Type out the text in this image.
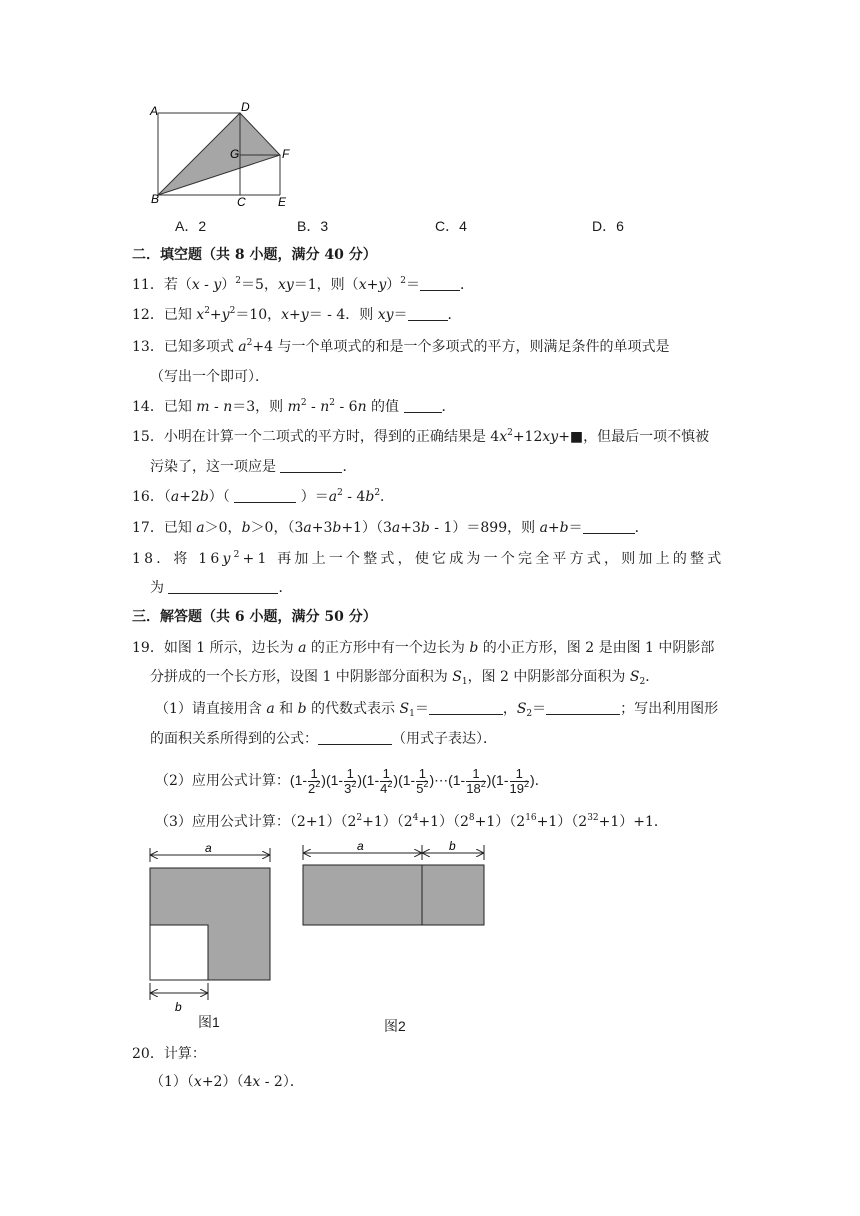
A	D
G	F
B	C	E
A．2	B．3	C．4	D．6
二．填空题（共 8 小题，满分 40 分）
11．若（x - y）$^2$＝5，xy＝1，则$(x+y)^2=$	．
12．已知 $x^2+y^2=10$，x+y＝ - 4．则 xy＝	．
13．已知多项式 $a^2+4$ 与一个单项式的和是一个多项式的平方，则满足条件的单项式是
（写出一个即可）．
14．已知 m - n＝3，则 $m^2 - n^2 - 6n$ 的值	．
15．小明在计算一个二项式的平方时，得到的正确结果是 $4x^2+12xy+■$，但最后一项不慎被
污染了，这一项应是	．
16．（a+2b）（	）$=a^2 - 4b^2$．
17．已知 a＞0，b＞0，（3a+3b+1）（3a+3b - 1）＝899，则 a+b＝	．
18．将 $16y^2+1$ 再加上一个整式，使它成为一个完全平方式，则加上的整式
为	．
三．解答题（共 6 小题，满分 50 分）
19．如图 1 所示，边长为 a 的正方形中有一个边长为 b 的小正方形，图 2 是由图 1 中阴影部
分拼成的一个长方形，设图 1 中阴影部分面积为 $S_1$，图 2 中阴影部分面积为 $S_2$．
（1）请直接用含 a 和 b 的代数式表示 $S_1=$	，$S_2=$	；写出利用图形
的面积关系所得到的公式：	（用式子表达）．
（2）应用公式计算：$(1- \frac{1}{2^2} )(1- \frac{1}{3^2} )(1- \frac{1}{4^2} )(1- \frac{1}{5^2}$ )⋯(1- $\frac{1}{18^2} )(1- \frac{1}{19^2}$ ).
（3）应用公式计算：$(2+1)(2^2+1)(2^4+1)(2^8+1)(2^{16}+1)(2^{32}+1)+1$．
a
b
图1
a	b
图2
20．计算：
（1）（x+2）（4x - 2）．
